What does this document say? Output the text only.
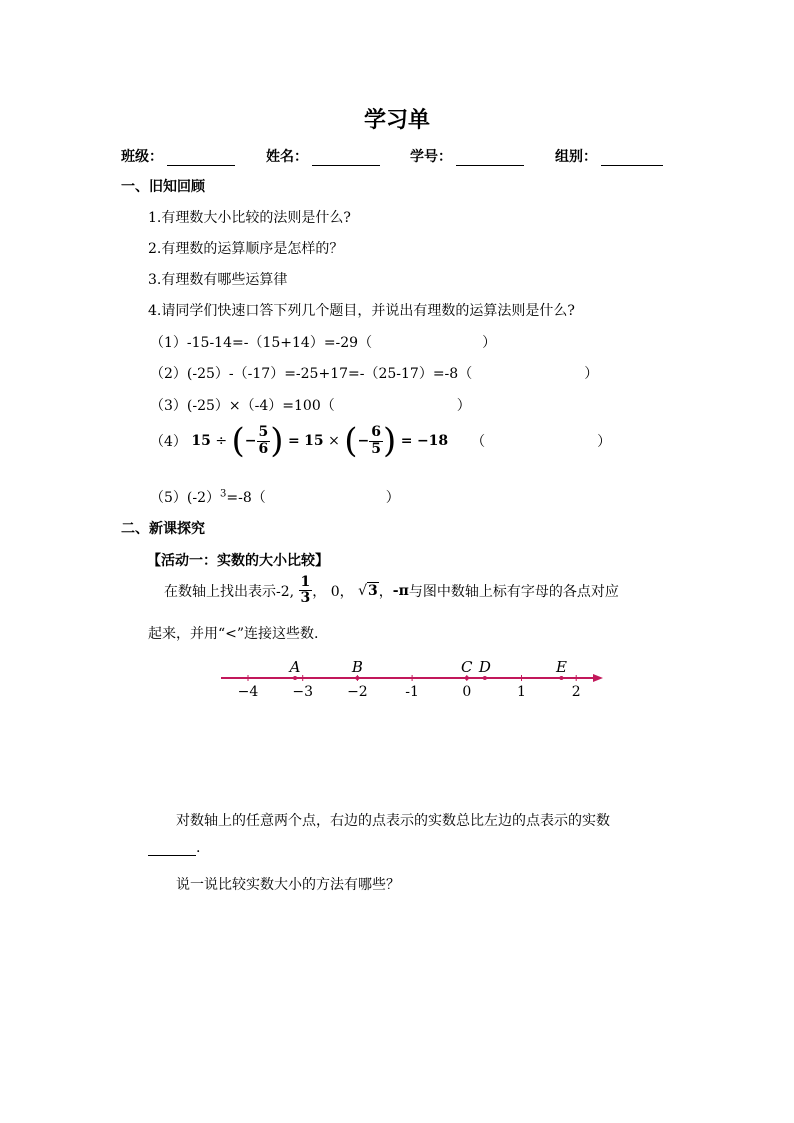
学习单
班级：	姓名：	学号：	组别：
一、旧知回顾
1.有理数大小比较的法则是什么?
2.有理数的运算顺序是怎样的？
3.有理数有哪些运算律
4.请同学们快速口答下列几个题目，并说出有理数的运算法则是什么?
（1）-15-14=-（15+14）=-29（	）
（2）(-25）-（-17）=-25+17=-（25-17）=-8（	）
（3）(-25）×（-4）=100（	）
（4） 15 ÷ (− $\frac{5}{6}$ ) = 15 × (− $\frac{6}{5}$ ) = −18 （	）
（5）(-2）$^3$=-8（	）
二、新课探究
【活动一：实数的大小比较】
在数轴上找出表示-2, $\frac{1}{3}$ ， 0， √3，-π与图中数轴上标有字母的各点对应
起来，并用“<”连接这些数.
−4 −3 −2	-1	0	1	2
A	B	C D	E
对数轴上的任意两个点，右边的点表示的实数总比左边的点表示的实数
.
说一说比较实数大小的方法有哪些？
